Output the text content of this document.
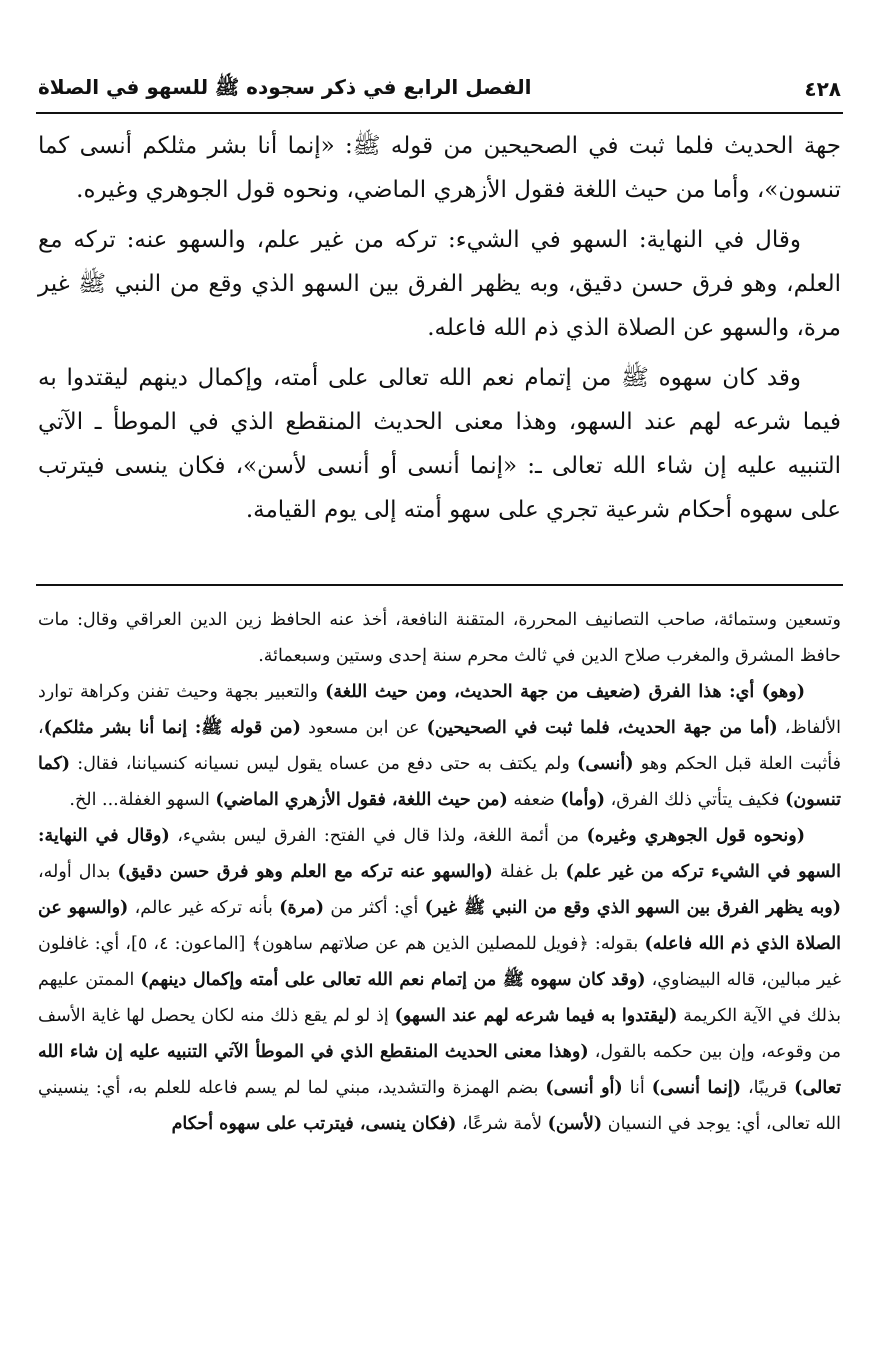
٤٢٨
الفصل الرابع في ذكر سجوده ﷺ للسهو في الصلاة

جهة الحديث فلما ثبت في الصحيحين من قوله ﷺ: «إنما أنا بشر مثلكم أنسى كما تنسون»، وأما من حيث اللغة فقول الأزهري الماضي، ونحوه قول الجوهري وغيره.

وقال في النهاية: السهو في الشيء: تركه من غير علم، والسهو عنه: تركه مع العلم، وهو فرق حسن دقيق، وبه يظهر الفرق بين السهو الذي وقع من النبي ﷺ غير مرة، والسهو عن الصلاة الذي ذم الله فاعله.

وقد كان سهوه ﷺ من إتمام نعم الله تعالى على أمته، وإكمال دينهم ليقتدوا به فيما شرعه لهم عند السهو، وهذا معنى الحديث المنقطع الذي في الموطأ ـ الآتي التنبيه عليه إن شاء الله تعالى ـ: «إنما أنسى أو أنسى لأسن»، فكان ينسى فيترتب على سهوه أحكام شرعية تجري على سهو أمته إلى يوم القيامة.

وتسعين وستمائة، صاحب التصانيف المحررة، المتقنة النافعة، أخذ عنه الحافظ زين الدين العراقي وقال: مات حافظ المشرق والمغرب صلاح الدين في ثالث محرم سنة إحدى وستين وسبعمائة.

(وهو) أي: هذا الفرق (ضعيف من جهة الحديث، ومن حيث اللغة) والتعبير بجهة وحيث تفنن وكراهة توارد الألفاظ، (أما من جهة الحديث، فلما ثبت في الصحيحين) عن ابن مسعود (من قوله ﷺ: إنما أنا بشر مثلكم)، فأثبت العلة قبل الحكم وهو (أنسى) ولم يكتف به حتى دفع من عساه يقول ليس نسيانه كنسياننا، فقال: (كما تنسون) فكيف يتأتي ذلك الفرق، (وأما) ضعفه (من حيث اللغة، فقول الأزهري الماضي) السهو الغفلة... الخ.

(ونحوه قول الجوهري وغيره) من أئمة اللغة، ولذا قال في الفتح: الفرق ليس بشيء، (وقال في النهاية: السهو في الشيء تركه من غير علم) بل غفلة (والسهو عنه تركه مع العلم وهو فرق حسن دقيق) بدال أوله، (وبه يظهر الفرق بين السهو الذي وقع من النبي ﷺ غير) أي: أكثر من (مرة) بأنه تركه غير عالم، (والسهو عن الصلاة الذي ذم الله فاعله) بقوله: ﴿فويل للمصلين الذين هم عن صلاتهم ساهون﴾ [الماعون: ٤، ٥]، أي: غافلون غير مبالين، قاله البيضاوي، (وقد كان سهوه ﷺ من إتمام نعم الله تعالى على أمته وإكمال دينهم) الممتن عليهم بذلك في الآية الكريمة (ليقتدوا به فيما شرعه لهم عند السهو) إذ لو لم يقع ذلك منه لكان يحصل لها غاية الأسف من وقوعه، وإن بين حكمه بالقول، (وهذا معنى الحديث المنقطع الذي في الموطأ الآتي التنبيه عليه إن شاء الله تعالى) قريبًا، (إنما أنسى) أنا (أو أنسى) بضم الهمزة والتشديد، مبني لما لم يسم فاعله للعلم به، أي: ينسيني الله تعالى، أي: يوجد في النسيان (لأسن) لأمة شرعًا، (فكان ينسى، فيترتب على سهوه أحكام
